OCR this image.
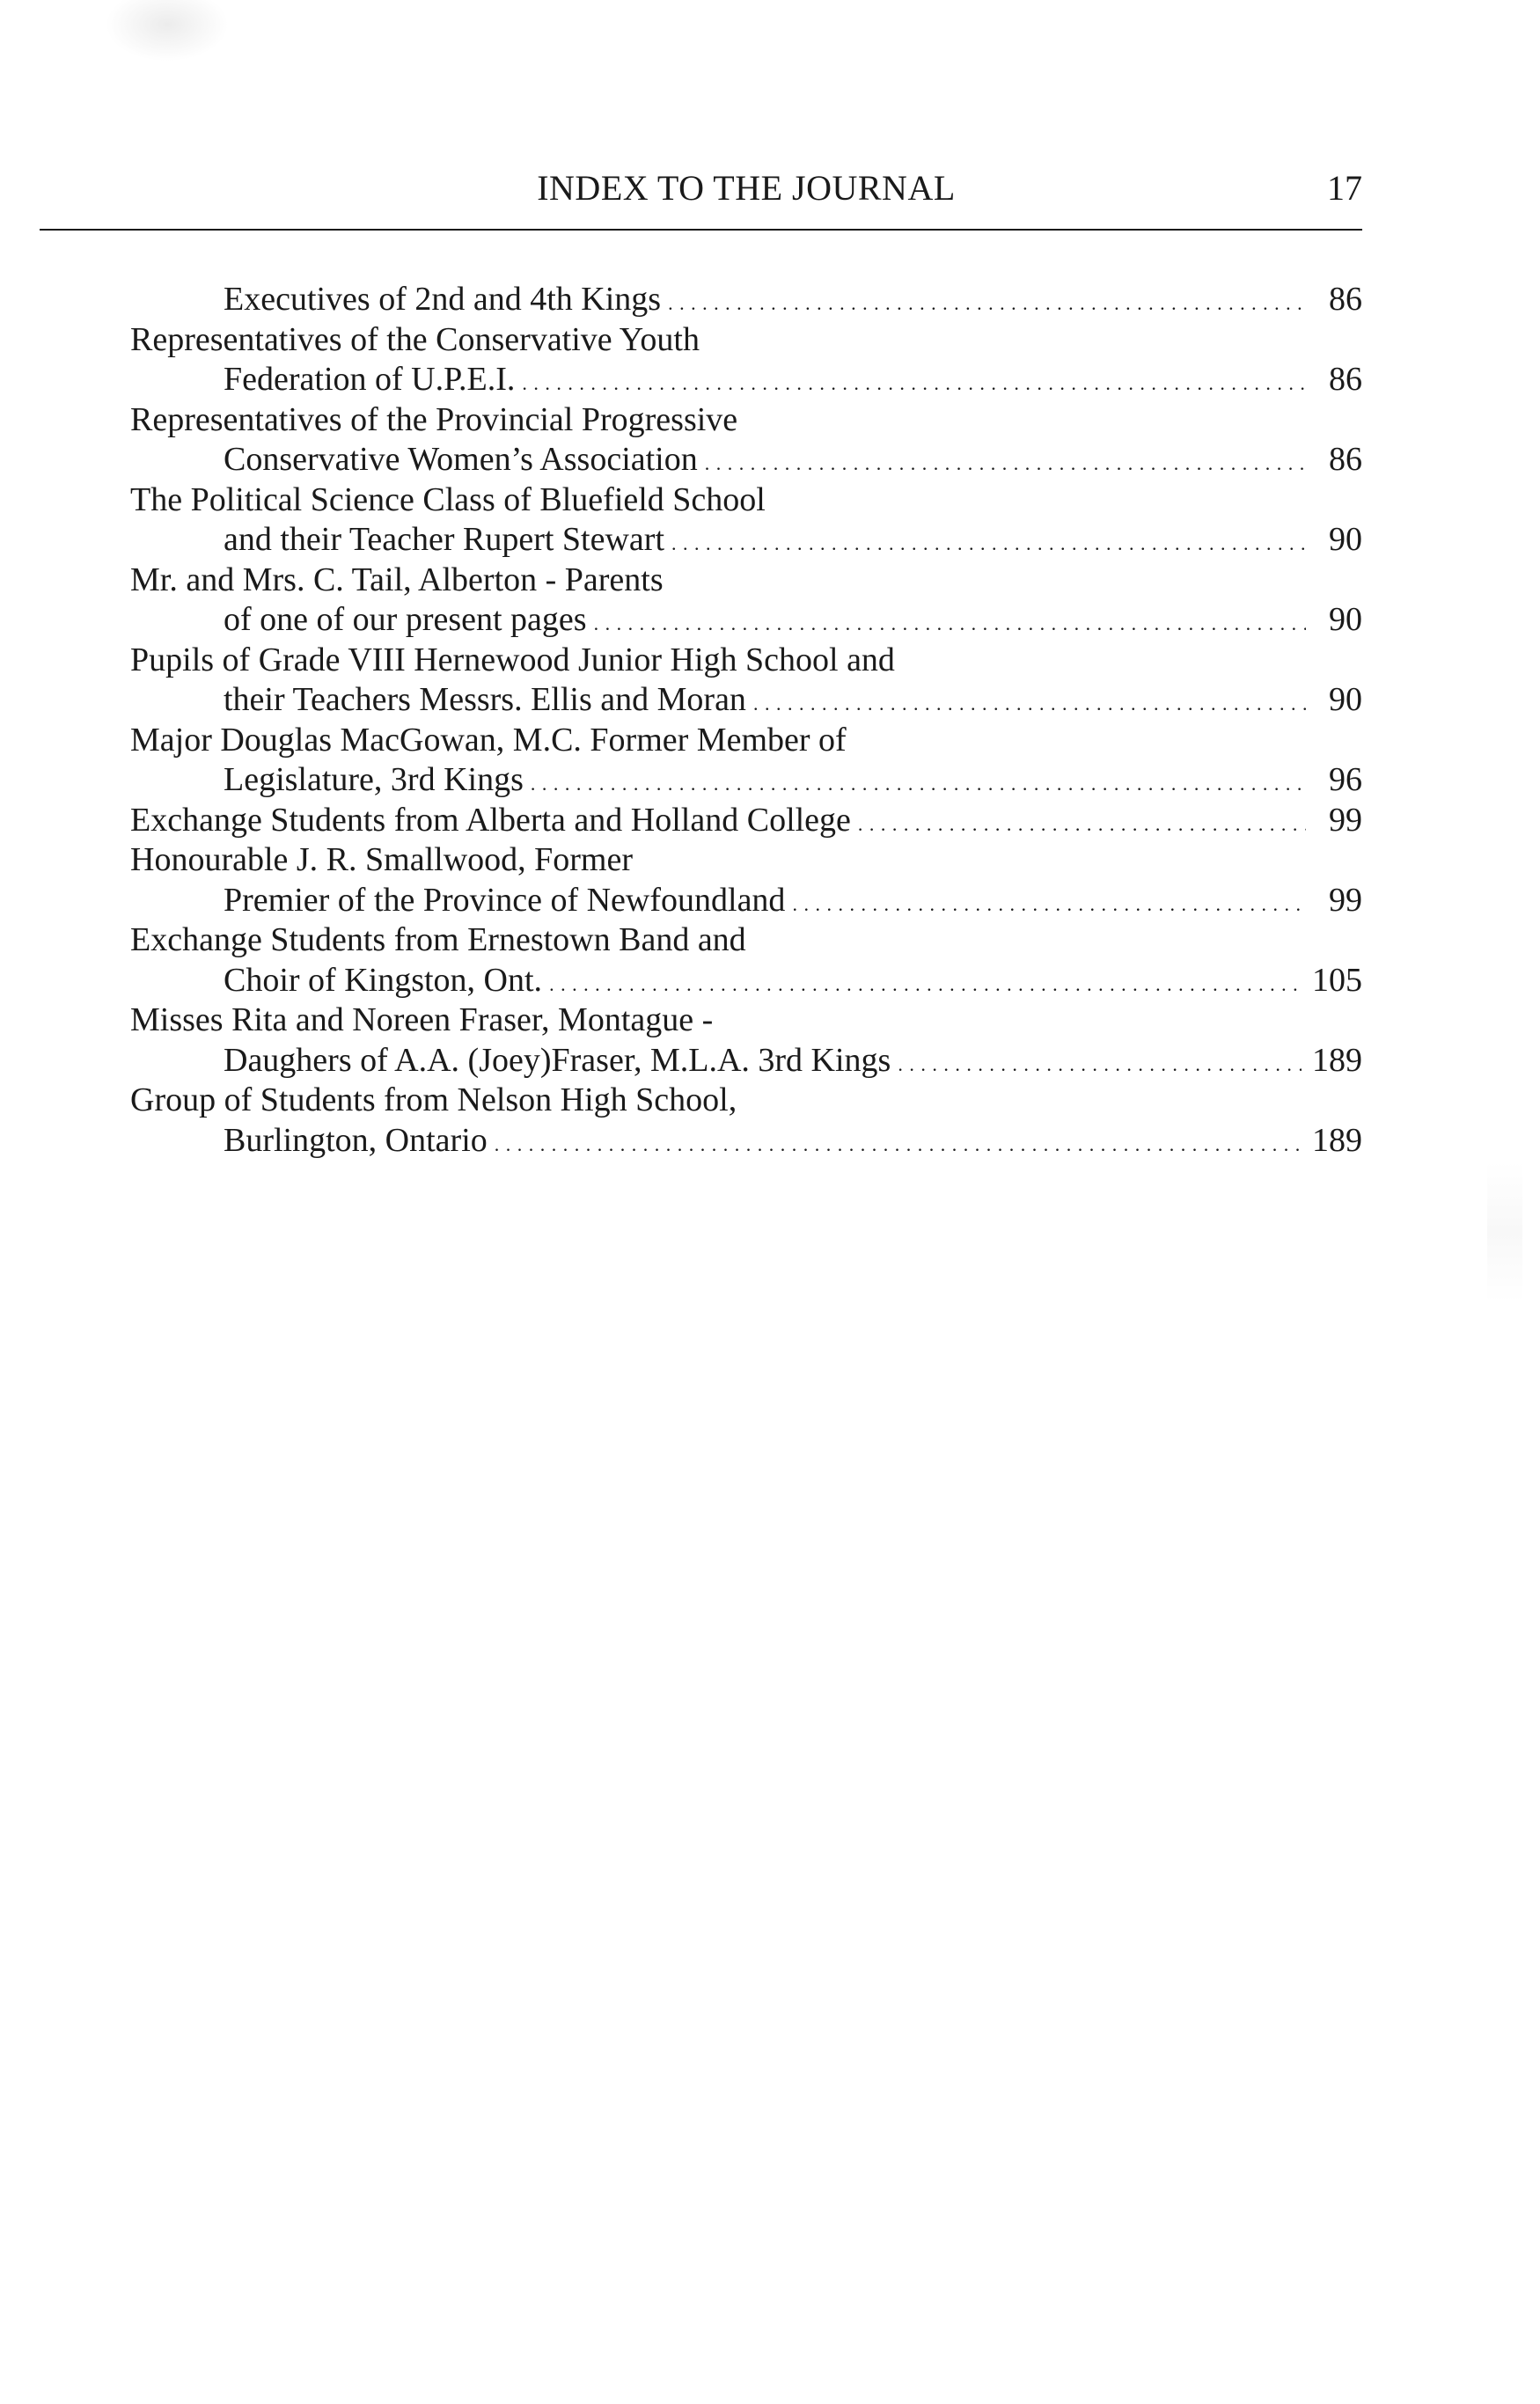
INDEX TO THE JOURNAL	17
Executives of 2nd and 4th Kings . . .	86
Representatives of the Conservative Youth
Federation of U.P.E.I. . . .	86
Representatives of the Provincial Progressive
Conservative Women’s Association . . .	86
The Political Science Class of Bluefield School
and their Teacher Rupert Stewart . . .	90
Mr. and Mrs. C. Tail, Alberton - Parents
of one of our present pages . . .	90
Pupils of Grade VIII Hernewood Junior High School and
their Teachers Messrs. Ellis and Moran . . .	90
Major Douglas MacGowan, M.C. Former Member of
Legislature, 3rd Kings . . .	96
Exchange Students from Alberta and Holland College . . .	99
Honourable J. R. Smallwood, Former
Premier of the Province of Newfoundland . . .	99
Exchange Students from Ernestown Band and
Choir of Kingston, Ont. . . .	105
Misses Rita and Noreen Fraser, Montague -
Daughers of A.A. (Joey)Fraser, M.L.A. 3rd Kings . . .	189
Group of Students from Nelson High School,
Burlington, Ontario . . .	189
